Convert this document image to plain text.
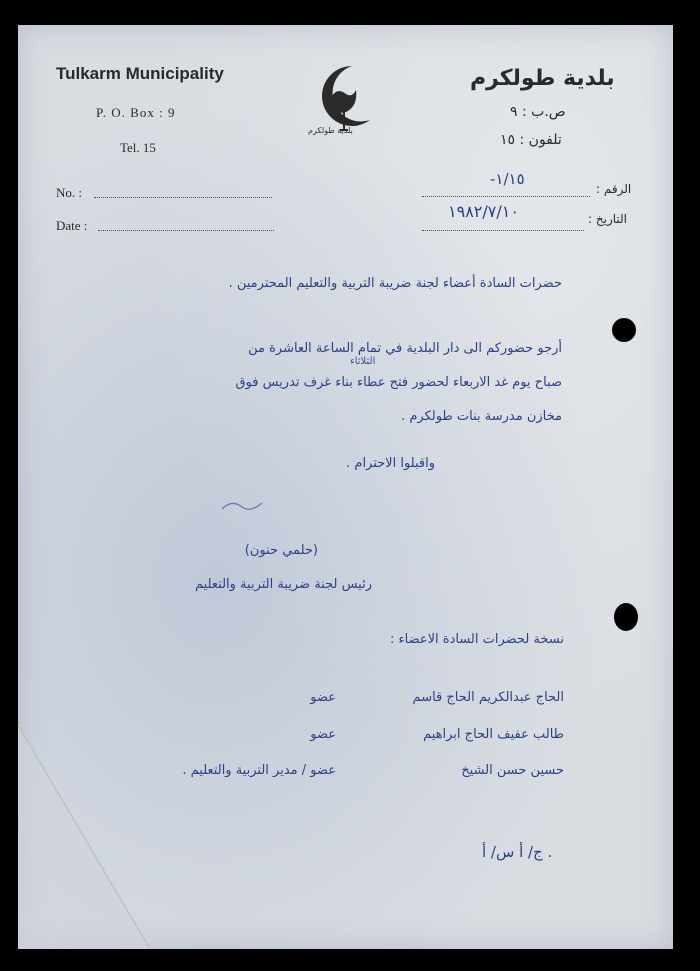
Tulkarm Municipality
P. O. Box : 9
Tel. 15
No. :
Date :
بلدية طولكرم
بلدية طولكرم
ص.ب : ٩
تلفون : ١٥
الرقم :
التاريخ :
١/١٥-
١٩٨٢/٧/١٠
حضرات السادة أعضاء لجنة ضريبة التربية والتعليم المحترمين .
أرجو حضوركم الى دار البلدية في تمام الساعة العاشرة من
الثلاثاء
صباح يوم غد الاربعاء لحضور فتح عطاء بناء غرف تدريس فوق
مخازن مدرسة بنات طولكرم .
واقبلوا الاحترام .
(حلمي حنون)
رئيس لجنة ضريبة التربية والتعليم
نسخة لحضرات السادة الاعضاء :
الحاج عبدالكريم الحاج قاسم
عضو
طالب عفيف الحاج ابراهيم
عضو
حسين حسن الشيخ
عضو / مدير التربية والتعليم .
ج/ أ س/ أ .
